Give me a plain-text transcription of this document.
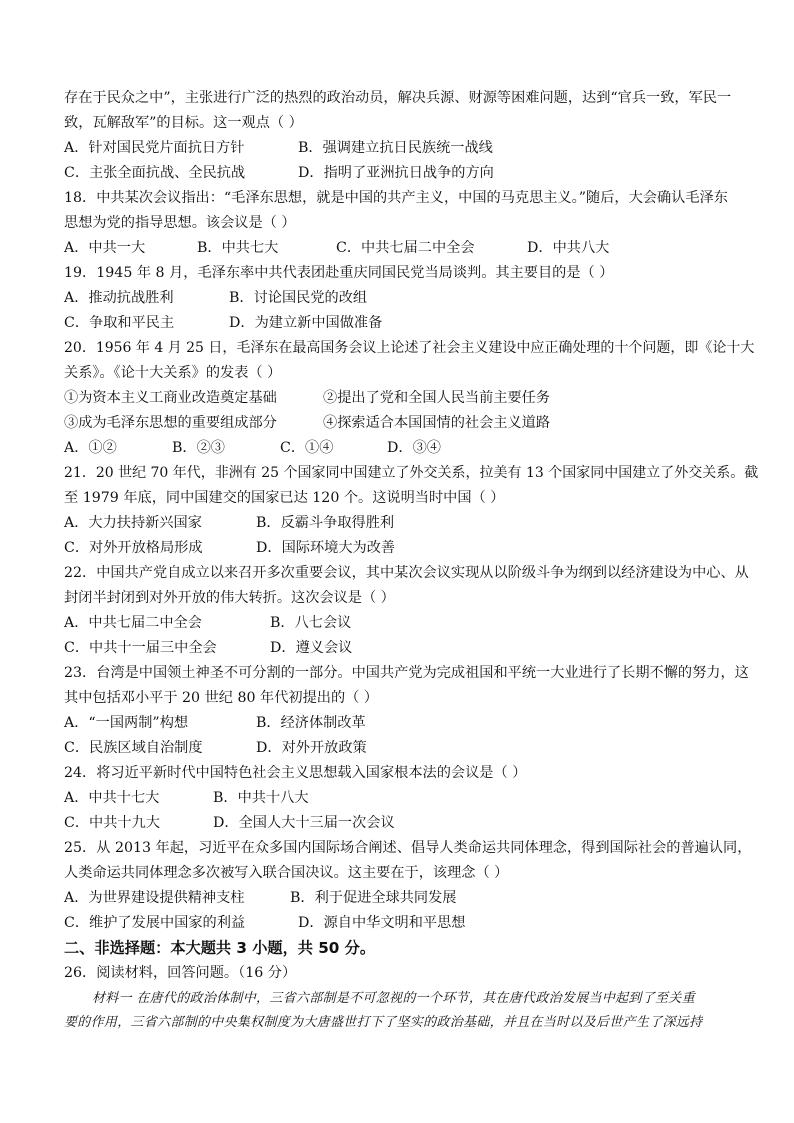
存在于民众之中”，主张进行广泛的热烈的政治动员，解决兵源、财源等困难问题，达到“官兵一致，军民一
致，瓦解敌军”的目标。这一观点（ ）
A．针对国民党片面抗日方针	B．强调建立抗日民族统一战线
C．主张全面抗战、全民抗战	D．指明了亚洲抗日战争的方向
18．中共某次会议指出：“毛泽东思想，就是中国的共产主义，中国的马克思主义。”随后，大会确认毛泽东
思想为党的指导思想。该会议是（ ）
A．中共一大	B．中共七大	C．中共七届二中全会	D．中共八大
19．1945 年 8 月，毛泽东率中共代表团赴重庆同国民党当局谈判。其主要目的是（ ）
A．推动抗战胜利	B．讨论国民党的改组
C．争取和平民主	D．为建立新中国做准备
20．1956 年 4 月 25 日，毛泽东在最高国务会议上论述了社会主义建设中应正确处理的十个问题，即《论十大
关系》。《论十大关系》的发表（ ）
①为资本主义工商业改造奠定基础	②提出了党和全国人民当前主要任务
③成为毛泽东思想的重要组成部分	④探索适合本国国情的社会主义道路
A．①②	B．②③	C．①④	D．③④
21．20 世纪 70 年代，非洲有 25 个国家同中国建立了外交关系，拉美有 13 个国家同中国建立了外交关系。截
至 1979 年底，同中国建交的国家已达 120 个。这说明当时中国（ ）
A．大力扶持新兴国家	B．反霸斗争取得胜利
C．对外开放格局形成	D．国际环境大为改善
22．中国共产党自成立以来召开多次重要会议，其中某次会议实现从以阶级斗争为纲到以经济建设为中心、从
封闭半封闭到对外开放的伟大转折。这次会议是（ ）
A．中共七届二中全会	B．八七会议
C．中共十一届三中全会	D．遵义会议
23．台湾是中国领土神圣不可分割的一部分。中国共产党为完成祖国和平统一大业进行了长期不懈的努力，这
其中包括邓小平于 20 世纪 80 年代初提出的（ ）
A．“一国两制”构想	B．经济体制改革
C．民族区域自治制度	D．对外开放政策
24．将习近平新时代中国特色社会主义思想载入国家根本法的会议是（ ）
A．中共十七大	B．中共十八大
C．中共十九大	D．全国人大十三届一次会议
25．从 2013 年起，习近平在众多国内国际场合阐述、倡导人类命运共同体理念，得到国际社会的普遍认同，
人类命运共同体理念多次被写入联合国决议。这主要在于，该理念（ ）
A．为世界建设提供精神支柱	B．利于促进全球共同发展
C．维护了发展中国家的利益	D．源自中华文明和平思想
二、非选择题：本大题共 3 小题，共 50 分。
26．阅读材料，回答问题。（16 分）
材料一 在唐代的政治体制中，三省六部制是不可忽视的一个环节，其在唐代政治发展当中起到了至关重
要的作用，三省六部制的中央集权制度为大唐盛世打下了坚实的政治基础，并且在当时以及后世产生了深远持
